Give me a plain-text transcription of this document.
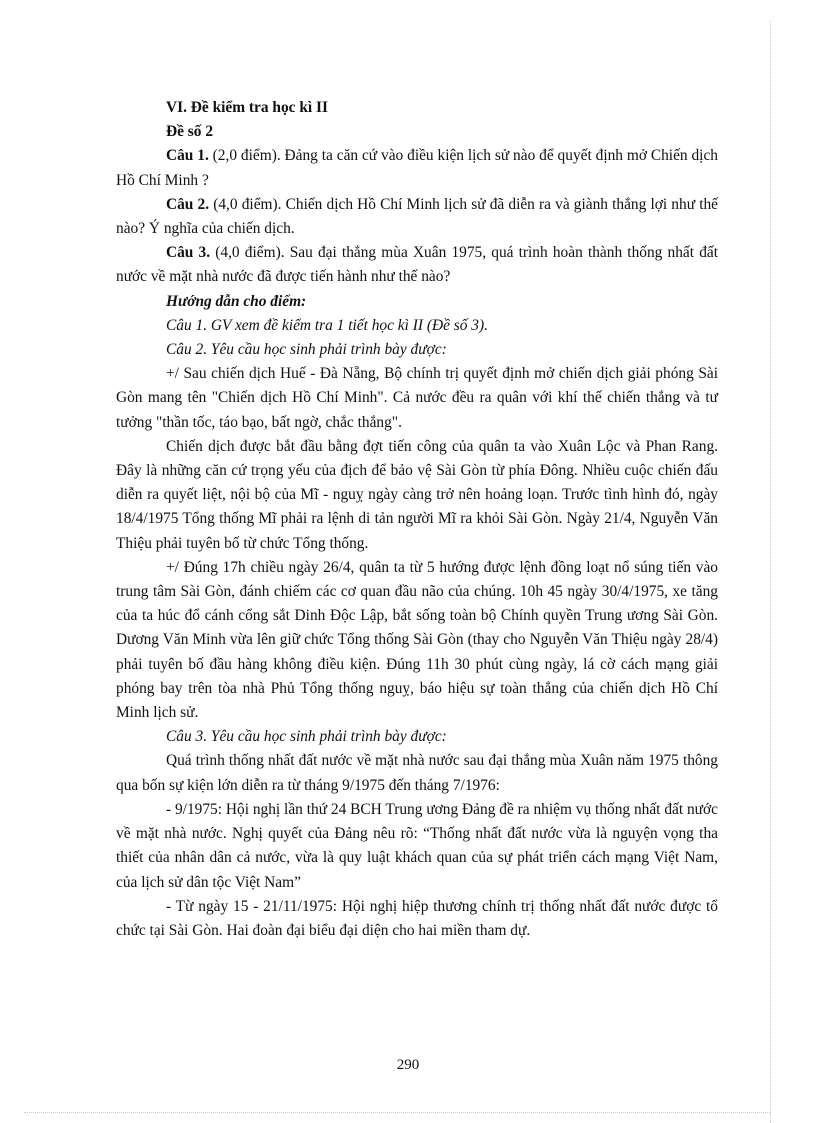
VI. Đề kiểm tra học kì II

Đề số 2

Câu 1. (2,0 điểm). Đảng ta căn cứ vào điều kiện lịch sử nào để quyết định mở Chiến dịch Hồ Chí Minh ?

Câu 2. (4,0 điểm). Chiến dịch Hồ Chí Minh lịch sử đã diễn ra và giành thắng lợi như thế nào? Ý nghĩa của chiến dịch.

Câu 3. (4,0 điểm). Sau đại thắng mùa Xuân 1975, quá trình hoàn thành thống nhất đất nước về mặt nhà nước đã được tiến hành như thế nào?

Hướng dẫn cho điểm:

Câu 1. GV xem đề kiểm tra 1 tiết học kì II (Đề số 3).

Câu 2. Yêu cầu học sinh phải trình bày được:

+/ Sau chiến dịch Huế - Đà Nẵng, Bộ chính trị quyết định mở chiến dịch giải phóng Sài Gòn mang tên "Chiến dịch Hồ Chí Minh". Cả nước đều ra quân với khí thế chiến thắng và tư tưởng "thần tốc, táo bạo, bất ngờ, chắc thắng".

Chiến dịch được bắt đầu bằng đợt tiến công của quân ta vào Xuân Lộc và Phan Rang. Đây là những căn cứ trọng yếu của địch để bảo vệ Sài Gòn từ phía Đông. Nhiều cuộc chiến đấu diễn ra quyết liệt, nội bộ của Mĩ - nguỵ ngày càng trở nên hoảng loạn. Trước tình hình đó, ngày 18/4/1975 Tổng thống Mĩ phải ra lệnh di tản người Mĩ ra khỏi Sài Gòn. Ngày 21/4, Nguyễn Văn Thiệu phải tuyên bố từ chức Tổng thống.

+/ Đúng 17h chiều ngày 26/4, quân ta từ 5 hướng được lệnh đồng loạt nổ súng tiến vào trung tâm Sài Gòn, đánh chiếm các cơ quan đầu não của chúng. 10h 45 ngày 30/4/1975, xe tăng của ta húc đổ cánh cổng sắt Dinh Độc Lập, bắt sống toàn bộ Chính quyền Trung ương Sài Gòn. Dương Văn Minh vừa lên giữ chức Tổng thống Sài Gòn (thay cho Nguyễn Văn Thiệu ngày 28/4) phải tuyên bố đầu hàng không điều kiện. Đúng 11h 30 phút cùng ngày, lá cờ cách mạng giải phóng bay trên tòa nhà Phủ Tổng thống nguỵ, báo hiệu sự toàn thắng của chiến dịch Hồ Chí Minh lịch sử.

Câu 3. Yêu cầu học sinh phải trình bày được:

Quá trình thống nhất đất nước về mặt nhà nước sau đại thắng mùa Xuân năm 1975 thông qua bốn sự kiện lớn diễn ra từ tháng 9/1975 đến tháng 7/1976:

- 9/1975: Hội nghị lần thứ 24 BCH Trung ương Đảng đề ra nhiệm vụ thống nhất đất nước về mặt nhà nước. Nghị quyết của Đảng nêu rõ: “Thống nhất đất nước vừa là nguyện vọng tha thiết của nhân dân cả nước, vừa là quy luật khách quan của sự phát triển cách mạng Việt Nam, của lịch sử dân tộc Việt Nam”

- Từ ngày 15 - 21/11/1975: Hội nghị hiệp thương chính trị thống nhất đất nước được tổ chức tại Sài Gòn. Hai đoàn đại biểu đại diện cho hai miền tham dự.

290
